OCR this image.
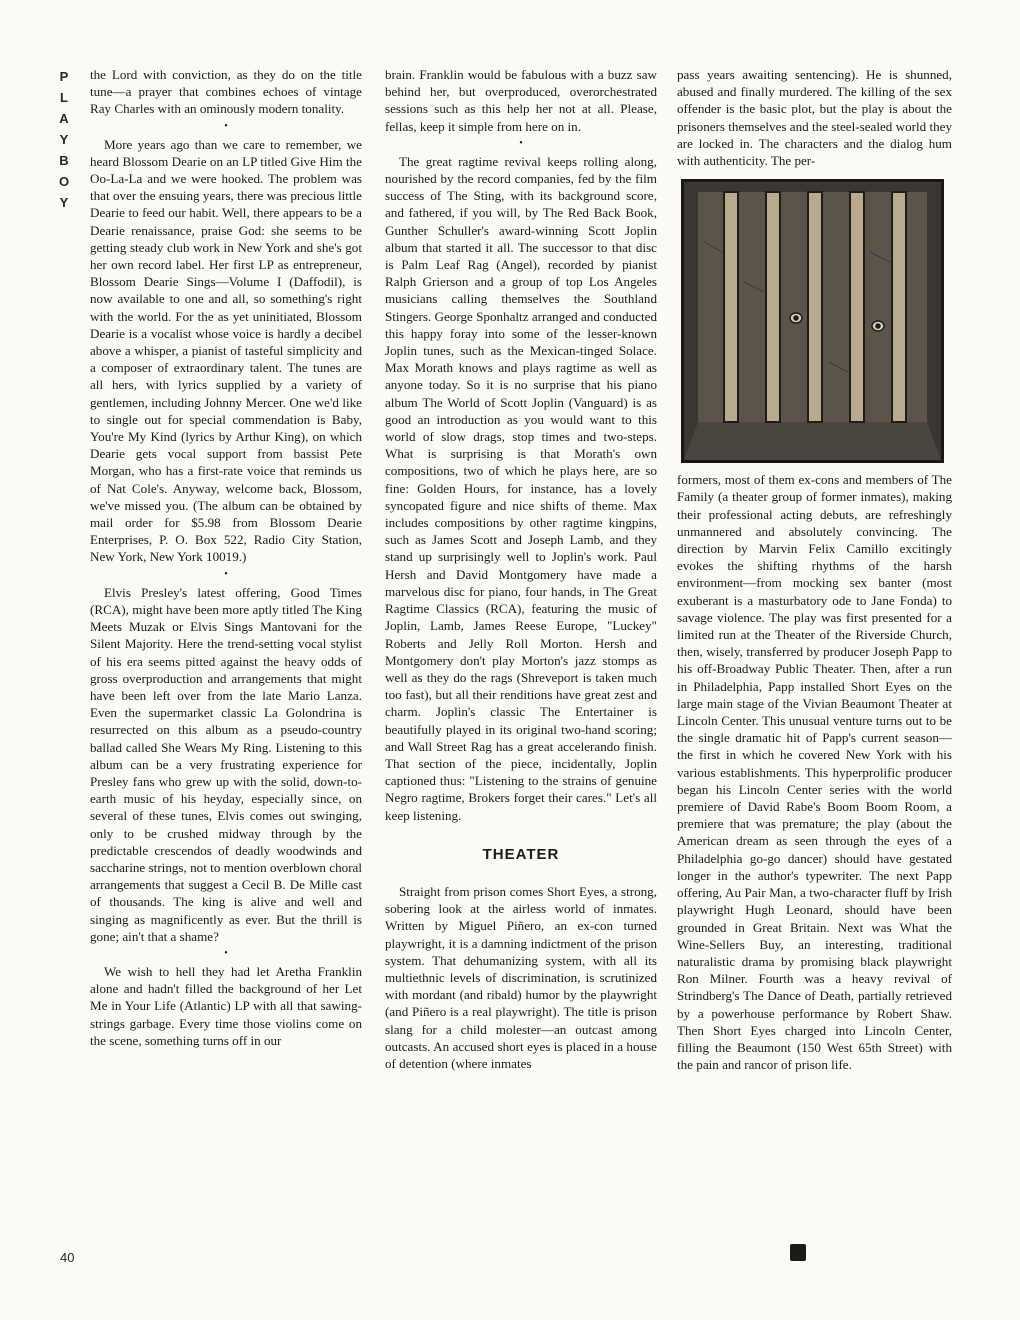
P
L
A
Y
B
O
Y

the Lord with conviction, as they do on the title tune—a prayer that combines echoes of vintage Ray Charles with an ominously modern tonality.

•

More years ago than we care to remember, we heard Blossom Dearie on an LP titled Give Him the Oo-La-La and we were hooked. The problem was that over the ensuing years, there was precious little Dearie to feed our habit. Well, there appears to be a Dearie renaissance, praise God: she seems to be getting steady club work in New York and she's got her own record label. Her first LP as entrepreneur, Blossom Dearie Sings—Volume I (Daffodil), is now available to one and all, so something's right with the world. For the as yet uninitiated, Blossom Dearie is a vocalist whose voice is hardly a decibel above a whisper, a pianist of tasteful simplicity and a composer of extraordinary talent. The tunes are all hers, with lyrics supplied by a variety of gentlemen, including Johnny Mercer. One we'd like to single out for special commendation is Baby, You're My Kind (lyrics by Arthur King), on which Dearie gets vocal support from bassist Pete Morgan, who has a first-rate voice that reminds us of Nat Cole's. Anyway, welcome back, Blossom, we've missed you. (The album can be obtained by mail order for $5.98 from Blossom Dearie Enterprises, P. O. Box 522, Radio City Station, New York, New York 10019.)

•

Elvis Presley's latest offering, Good Times (RCA), might have been more aptly titled The King Meets Muzak or Elvis Sings Mantovani for the Silent Majority. Here the trend-setting vocal stylist of his era seems pitted against the heavy odds of gross overproduction and arrangements that might have been left over from the late Mario Lanza. Even the supermarket classic La Golondrina is resurrected on this album as a pseudo-country ballad called She Wears My Ring. Listening to this album can be a very frustrating experience for Presley fans who grew up with the solid, down-to-earth music of his heyday, especially since, on several of these tunes, Elvis comes out swinging, only to be crushed midway through by the predictable crescendos of deadly woodwinds and saccharine strings, not to mention overblown choral arrangements that suggest a Cecil B. De Mille cast of thousands. The king is alive and well and singing as magnificently as ever. But the thrill is gone; ain't that a shame?

•

We wish to hell they had let Aretha Franklin alone and hadn't filled the background of her Let Me in Your Life (Atlantic) LP with all that sawing-strings garbage. Every time those violins come on the scene, something turns off in our

brain. Franklin would be fabulous with a buzz saw behind her, but overproduced, overorchestrated sessions such as this help her not at all. Please, fellas, keep it simple from here on in.

•

The great ragtime revival keeps rolling along, nourished by the record companies, fed by the film success of The Sting, with its background score, and fathered, if you will, by The Red Back Book, Gunther Schuller's award-winning Scott Joplin album that started it all. The successor to that disc is Palm Leaf Rag (Angel), recorded by pianist Ralph Grierson and a group of top Los Angeles musicians calling themselves the Southland Stingers. George Sponhaltz arranged and conducted this happy foray into some of the lesser-known Joplin tunes, such as the Mexican-tinged Solace. Max Morath knows and plays ragtime as well as anyone today. So it is no surprise that his piano album The World of Scott Joplin (Vanguard) is as good an introduction as you would want to this world of slow drags, stop times and two-steps. What is surprising is that Morath's own compositions, two of which he plays here, are so fine: Golden Hours, for instance, has a lovely syncopated figure and nice shifts of theme. Max includes compositions by other ragtime kingpins, such as James Scott and Joseph Lamb, and they stand up surprisingly well to Joplin's work. Paul Hersh and David Montgomery have made a marvelous disc for piano, four hands, in The Great Ragtime Classics (RCA), featuring the music of Joplin, Lamb, James Reese Europe, "Luckey" Roberts and Jelly Roll Morton. Hersh and Montgomery don't play Morton's jazz stomps as well as they do the rags (Shreveport is taken much too fast), but all their renditions have great zest and charm. Joplin's classic The Entertainer is beautifully played in its original two-hand scoring; and Wall Street Rag has a great accelerando finish. That section of the piece, incidentally, Joplin captioned thus: "Listening to the strains of genuine Negro ragtime, Brokers forget their cares." Let's all keep listening.

THEATER

Straight from prison comes Short Eyes, a strong, sobering look at the airless world of inmates. Written by Miguel Piñero, an ex-con turned playwright, it is a damning indictment of the prison system. That dehumanizing system, with all its multiethnic levels of discrimination, is scrutinized with mordant (and ribald) humor by the playwright (and Piñero is a real playwright). The title is prison slang for a child molester—an outcast among outcasts. An accused short eyes is placed in a house of detention (where inmates

pass years awaiting sentencing). He is shunned, abused and finally murdered. The killing of the sex offender is the basic plot, but the play is about the prisoners themselves and the steel-sealed world they are locked in. The characters and the dialog hum with authenticity. The per-

formers, most of them ex-cons and members of The Family (a theater group of former inmates), making their professional acting debuts, are refreshingly unmannered and absolutely convincing. The direction by Marvin Felix Camillo excitingly evokes the shifting rhythms of the harsh environment—from mocking sex banter (most exuberant is a masturbatory ode to Jane Fonda) to savage violence. The play was first presented for a limited run at the Theater of the Riverside Church, then, wisely, transferred by producer Joseph Papp to his off-Broadway Public Theater. Then, after a run in Philadelphia, Papp installed Short Eyes on the large main stage of the Vivian Beaumont Theater at Lincoln Center. This unusual venture turns out to be the single dramatic hit of Papp's current season—the first in which he covered New York with his various establishments. This hyperprolific producer began his Lincoln Center series with the world premiere of David Rabe's Boom Boom Room, a premiere that was premature; the play (about the American dream as seen through the eyes of a Philadelphia go-go dancer) should have gestated longer in the author's typewriter. The next Papp offering, Au Pair Man, a two-character fluff by Irish playwright Hugh Leonard, should have been grounded in Great Britain. Next was What the Wine-Sellers Buy, an interesting, traditional naturalistic drama by promising black playwright Ron Milner. Fourth was a heavy revival of Strindberg's The Dance of Death, partially retrieved by a powerhouse performance by Robert Shaw. Then Short Eyes charged into Lincoln Center, filling the Beaumont (150 West 65th Street) with the pain and rancor of prison life.

40
